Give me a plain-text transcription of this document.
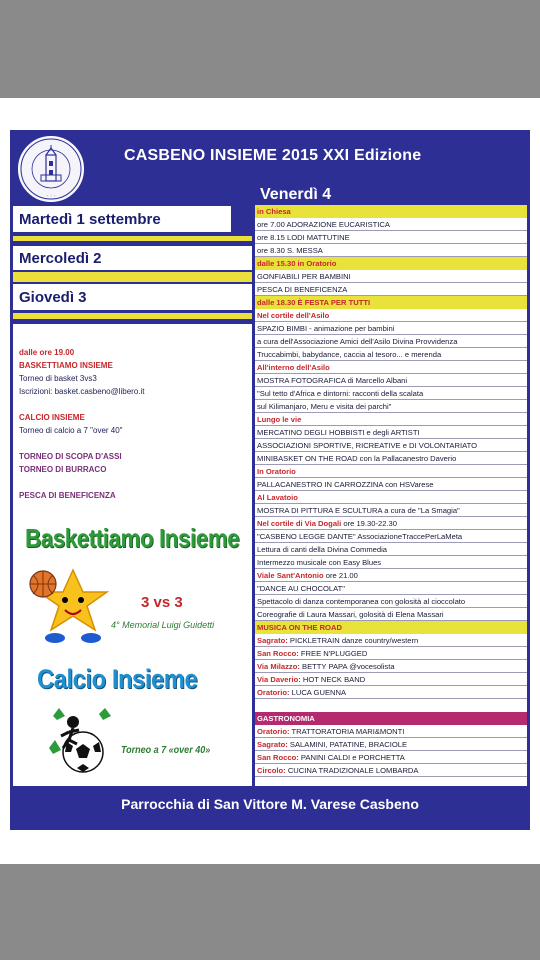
◦ ◦ ◦
CASBENO INSIEME 2015 XXI Edizione
Venerdì 4
Martedì 1 settembre
Mercoledì 2
dalle ore 19.00
BASKETTIAMO INSIEME
Torneo di basket 3vs3
Iscrizioni: basket.casbeno@libero.it
CALCIO INSIEME
Torneo di calcio a 7 "over 40"
TORNEO DI SCOPA D'ASSI
TORNEO DI BURRACO
PESCA DI BENEFICENZA
Baskettiamo Insieme
3 vs 3
4° Memorial Luigi Guidetti
Calcio Insieme
Torneo a 7 «over 40»
in Chiesa
ore 7.00 ADORAZIONE EUCARISTICA
ore 8.15 LODI MATTUTINE
ore 8.30 S. MESSA
dalle 15.30 in Oratorio
GONFIABILI PER BAMBINI
PESCA DI BENEFICENZA
dalle 18.30 È FESTA PER TUTTI
Nel cortile dell'Asilo
SPAZIO BIMBI - animazione per bambini
a cura dell'Associazione Amici dell'Asilo Divina Provvidenza
Truccabimbi, babydance, caccia al tesoro... e merenda
All'interno dell'Asilo
MOSTRA FOTOGRAFICA di Marcello Albani
"Sul tetto d'Africa e dintorni: racconti della scalata
sul Kilimanjaro, Meru e visita dei parchi"
Lungo le vie
MERCATINO DEGLI HOBBISTI e degli ARTISTI
ASSOCIAZIONI SPORTIVE, RICREATIVE e DI VOLONTARIATO
MINIBASKET ON THE ROAD con la Pallacanestro Daverio
In Oratorio
PALLACANESTRO IN CARROZZINA con HSVarese
Al Lavatoio
MOSTRA DI PITTURA E SCULTURA a cura de "La Smagia"
Nel cortile di Via Dogali ore 19.30-22.30
"CASBENO LEGGE DANTE" AssociazioneTraccePerLaMeta
Lettura di canti della Divina Commedia
Intermezzo musicale con Easy Blues
Viale Sant'Antonio ore 21.00
"DANCE AU CHOCOLAT"
Spettacolo di danza contemporanea con golosità al cioccolato
Coreografie di Laura Massari, golosità di Elena Massari
MUSICA ON THE ROAD
Sagrato: PICKLETRAIN danze country/western
San Rocco: FREE N'PLUGGED
Via Milazzo: BETTY PAPA @vocesolista
Via Daverio: HOT NECK BAND
Oratorio: LUCA GUENNA
GASTRONOMIA
Oratorio: TRATTORATORIA MARI&MONTI
Sagrato: SALAMINI, PATATINE, BRACIOLE
San Rocco: PANINI CALDI e PORCHETTA
Circolo: CUCINA TRADIZIONALE LOMBARDA
Parrocchia di San Vittore M. Varese Casbeno
Giovedì 3
TORNEI IN ORATORIO
